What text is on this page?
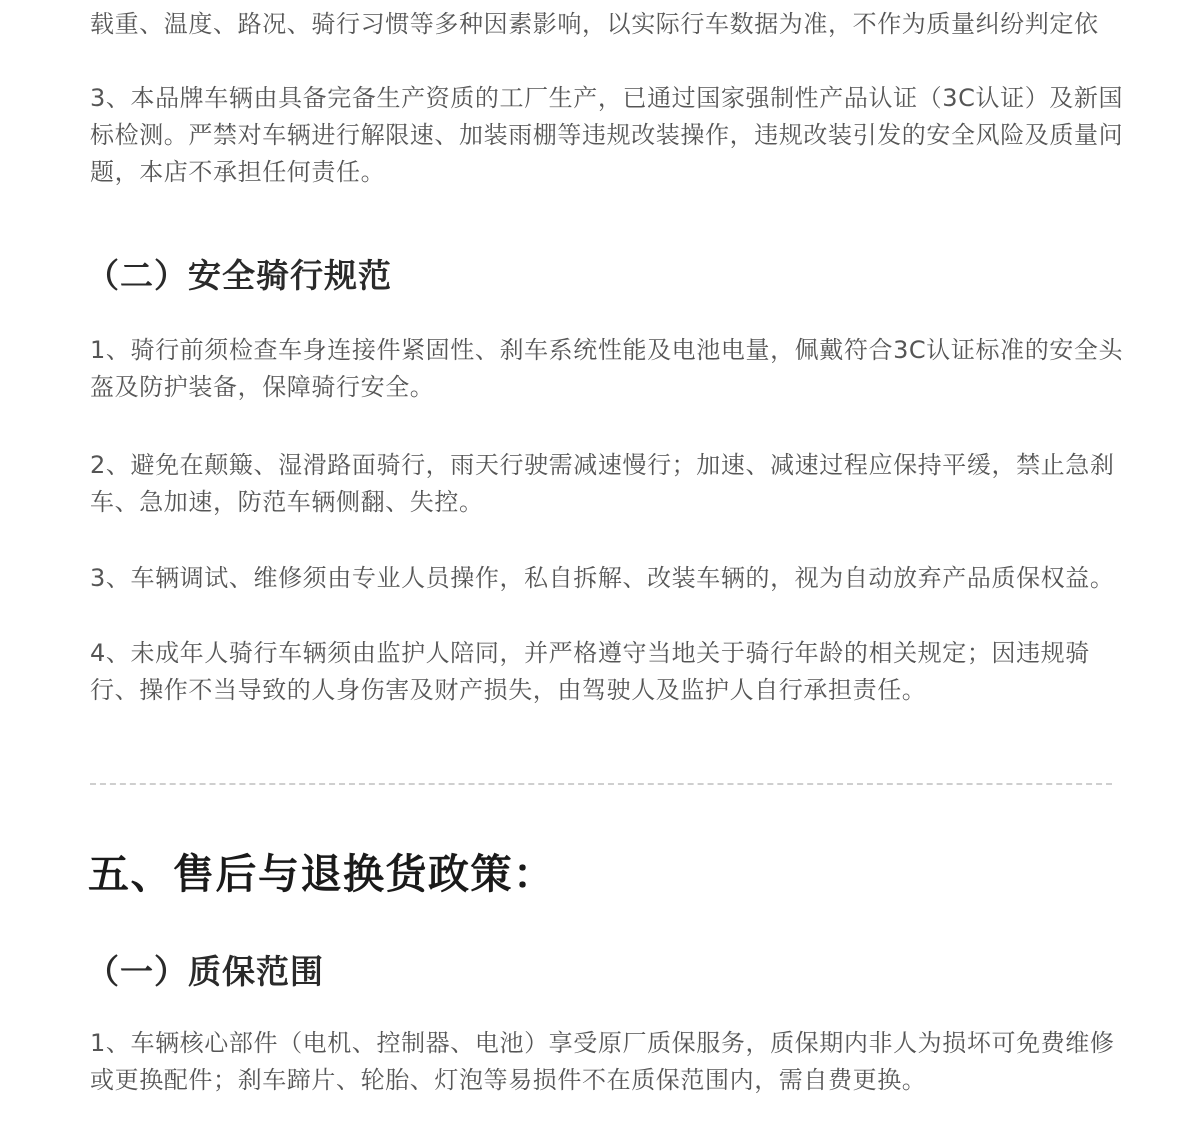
载重、温度、路况、骑行习惯等多种因素影响，以实际行车数据为准，不作为质量纠纷判定依

3、本品牌车辆由具备完备生产资质的工厂生产，已通过国家强制性产品认证（3C认证）及新国标检测。严禁对车辆进行解限速、加装雨棚等违规改装操作，违规改装引发的安全风险及质量问题，本店不承担任何责任。

（二）安全骑行规范

1、骑行前须检查车身连接件紧固性、刹车系统性能及电池电量，佩戴符合3C认证标准的安全头盔及防护装备，保障骑行安全。

2、避免在颠簸、湿滑路面骑行，雨天行驶需减速慢行；加速、减速过程应保持平缓，禁止急刹车、急加速，防范车辆侧翻、失控。

3、车辆调试、维修须由专业人员操作，私自拆解、改装车辆的，视为自动放弃产品质保权益。

4、未成年人骑行车辆须由监护人陪同，并严格遵守当地关于骑行年龄的相关规定；因违规骑行、操作不当导致的人身伤害及财产损失，由驾驶人及监护人自行承担责任。

五、售后与退换货政策：
（一）质保范围

1、车辆核心部件（电机、控制器、电池）享受原厂质保服务，质保期内非人为损坏可免费维修或更换配件；刹车蹄片、轮胎、灯泡等易损件不在质保范围内，需自费更换。
